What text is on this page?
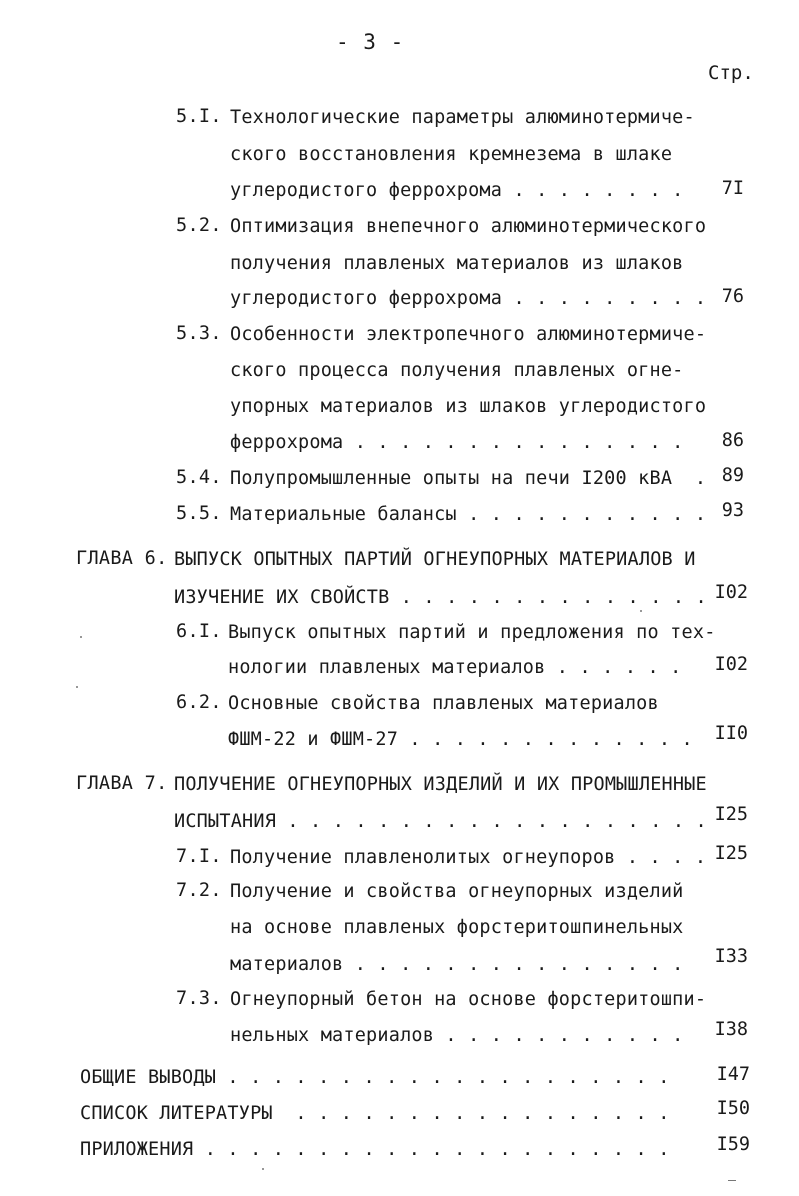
- 3 -
Стр.
5.I. Технологические параметры алюминотермиче-
ского восстановления кремнезема в шлаке
углеродистого феррохрома . . . . . . . .	7I
5.2. Оптимизация внепечного алюминотермического
получения плавленых материалов из шлаков
углеродистого феррохрома . . . . . . . . . 76
5.3. Особенности электропечного алюминотермиче-
ского процесса получения плавленых огне-
упорных материалов из шлаков углеродистого
феррохрома . . . . . . . . . . . . . . .	86
5.4. Полупромышленные опыты на печи I200 кВА  . 89
5.5. Материальные балансы . . . . . . . . . . . 93
ГЛАВА 6. ВЫПУСК ОПЫТНЫХ ПАРТИЙ ОГНЕУПОРНЫХ МАТЕРИАЛОВ И
ИЗУЧЕНИЕ ИХ СВОЙСТВ . . . . . . . . . . . . . . I02
6.I. Выпуск опытных партий и предложения по тех-
нологии плавленых материалов . . . . . .	I02
6.2. Основные свойства плавленых материалов
ФШМ-22 и ФШМ-27 . . . . . . . . . . . . .	II0
ГЛАВА 7. ПОЛУЧЕНИЕ ОГНЕУПОРНЫХ ИЗДЕЛИЙ И ИХ ПРОМЫШЛЕННЫЕ
ИСПЫТАНИЯ . . . . . . . . . . . . . . . . . . . I25
7.I. Получение плавленолитых огнеупоров . . . . I25
7.2. Получение и свойства огнеупорных изделий
на основе плавленых форстеритошпинельных
материалов . . . . . . . . . . . . . . .	I33
7.3. Огнеупорный бетон на основе форстеритошпи-
нельных материалов . . . . . . . . . . .	I38
ОБЩИЕ ВЫВОДЫ . . . . . . . . . . . . . . . . . . . .	I47
СПИСОК ЛИТЕРАТУРЫ  . . . . . . . . . . . . . . . . .	I50
ПРИЛОЖЕНИЯ . . . . . . . . . . . . . . . . . . . . .	I59
